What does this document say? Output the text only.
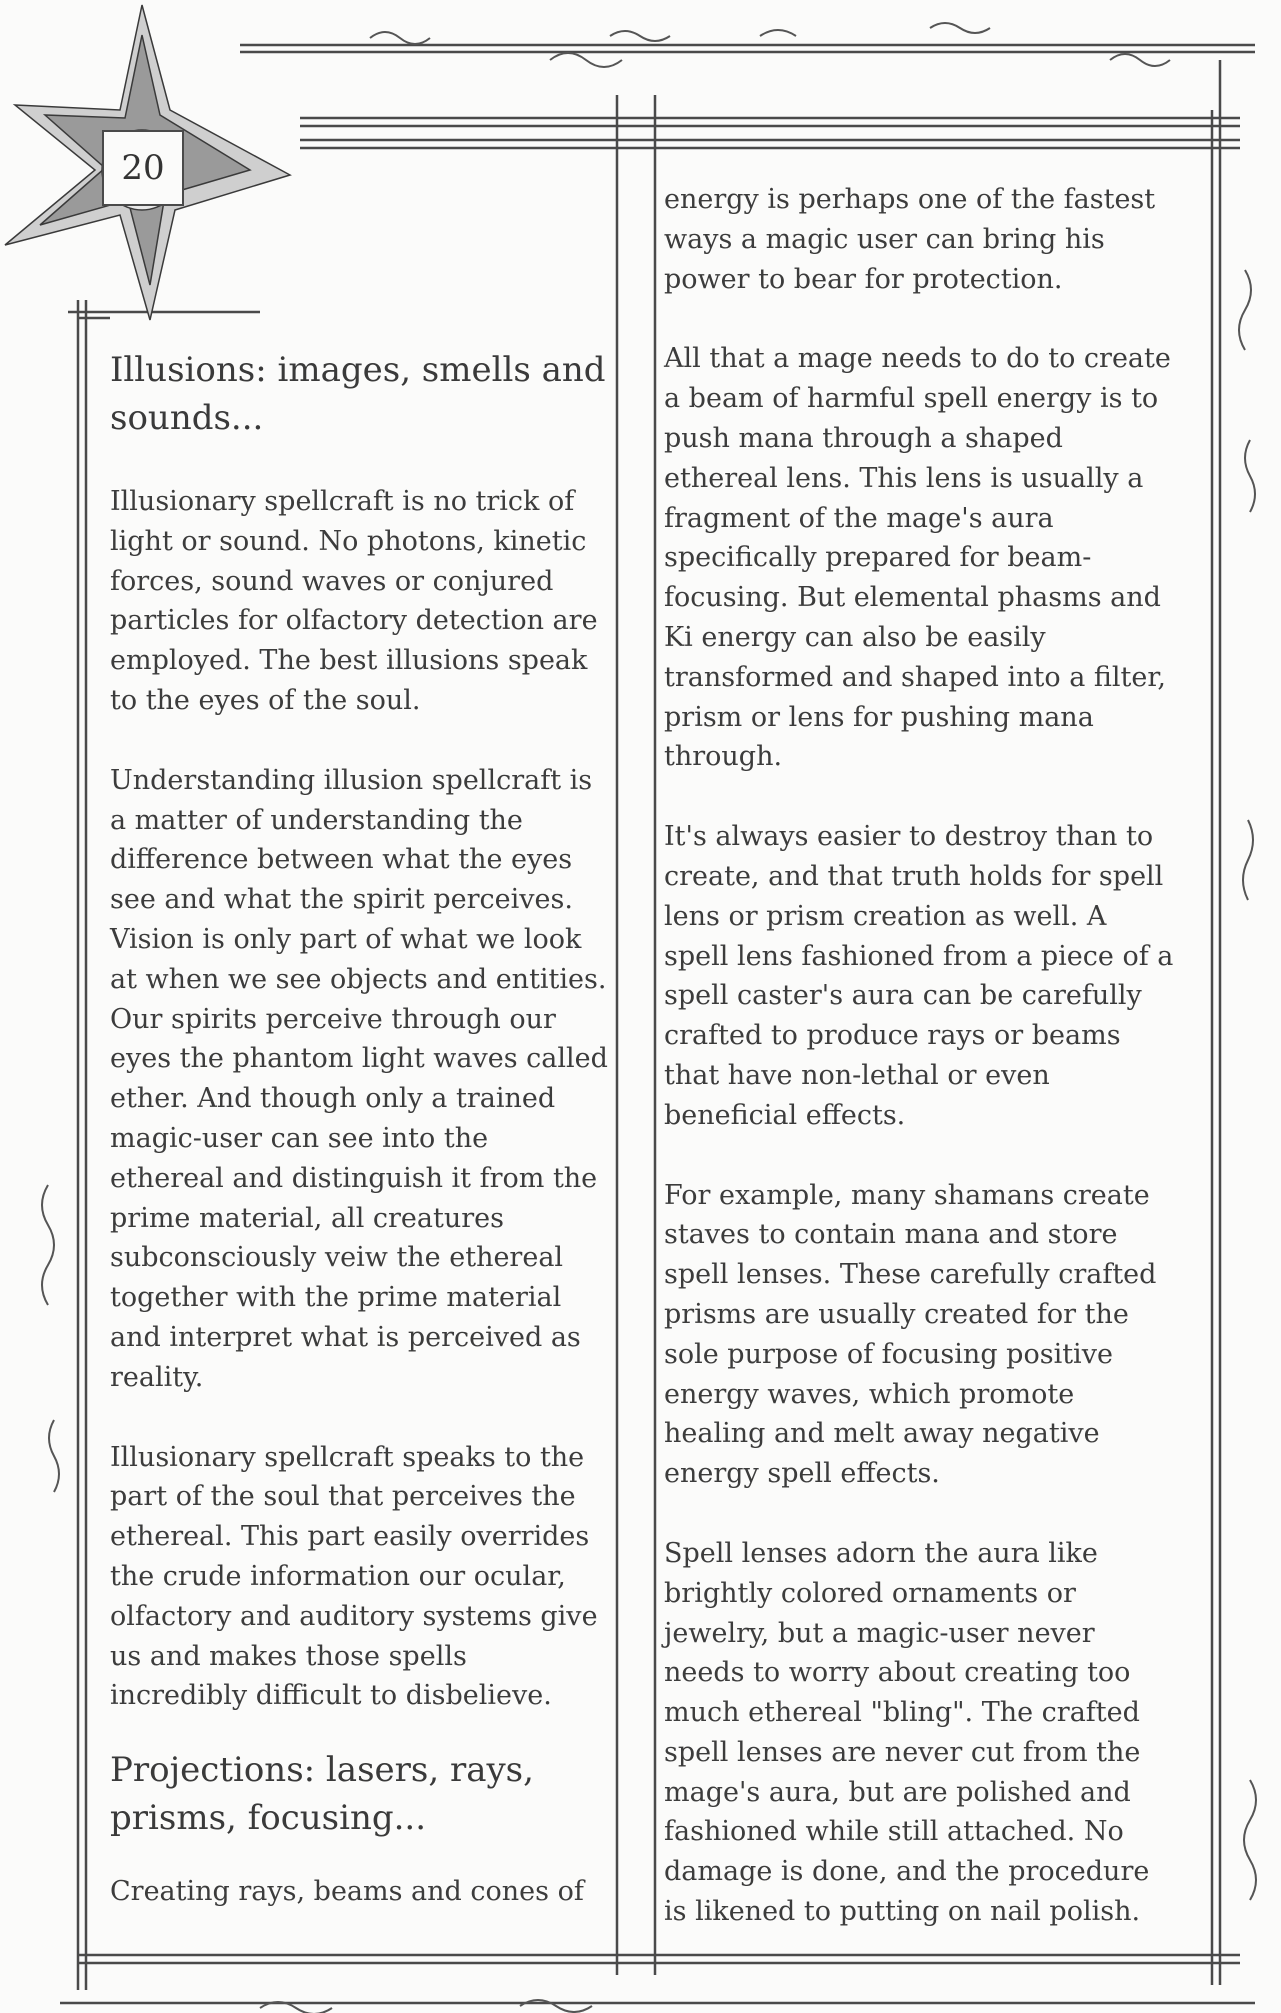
20
Illusions: images, smells and sounds...

Illusionary spellcraft is no trick of light or sound. No photons, kinetic forces, sound waves or conjured particles for olfactory detection are employed. The best illusions speak to the eyes of the soul.

Understanding illusion spellcraft is a matter of understanding the difference between what the eyes see and what the spirit perceives. Vision is only part of what we look at when we see objects and entities. Our spirits perceive through our eyes the phantom light waves called ether. And though only a trained magic-user can see into the ethereal and distinguish it from the prime material, all creatures subconsciously veiw the ethereal together with the prime material and interpret what is perceived as reality.

Illusionary spellcraft speaks to the part of the soul that perceives the ethereal. This part easily overrides the crude information our ocular, olfactory and auditory systems give us and makes those spells incredibly difficult to disbelieve.

Projections: lasers, rays, prisms, focusing...

Creating rays, beams and cones of

energy is perhaps one of the fastest ways a magic user can bring his power to bear for protection.

All that a mage needs to do to create a beam of harmful spell energy is to push mana through a shaped ethereal lens. This lens is usually a fragment of the mage's aura specifically prepared for beam-focusing. But elemental phasms and Ki energy can also be easily transformed and shaped into a filter, prism or lens for pushing mana through.

It's always easier to destroy than to create, and that truth holds for spell lens or prism creation as well. A spell lens fashioned from a piece of a spell caster's aura can be carefully crafted to produce rays or beams that have non-lethal or even beneficial effects.

For example, many shamans create staves to contain mana and store spell lenses. These carefully crafted prisms are usually created for the sole purpose of focusing positive energy waves, which promote healing and melt away negative energy spell effects.

Spell lenses adorn the aura like brightly colored ornaments or jewelry, but a magic-user never needs to worry about creating too much ethereal "bling". The crafted spell lenses are never cut from the mage's aura, but are polished and fashioned while still attached. No damage is done, and the procedure is likened to putting on nail polish.
